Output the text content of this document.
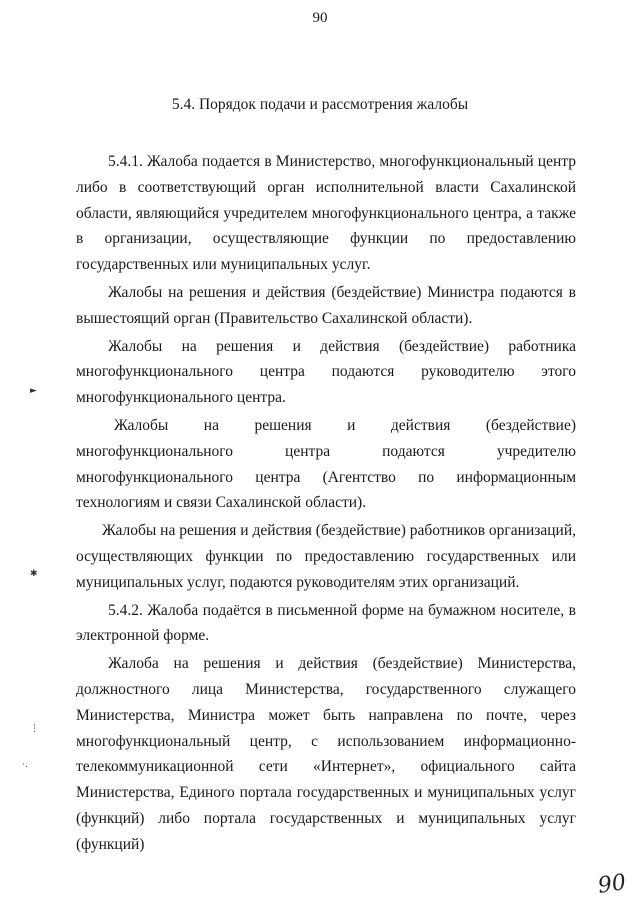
90
5.4. Порядок подачи и рассмотрения жалобы

5.4.1. Жалоба подается в Министерство, многофункциональный центр либо в соответствующий орган исполнительной власти Сахалинской области, являющийся учредителем многофункционального центра, а также в организации, осуществляющие функции по предоставлению государственных или муниципальных услуг.

Жалобы на решения и действия (бездействие) Министра подаются в вышестоящий орган (Правительство Сахалинской области).

Жалобы на решения и действия (бездействие) работника многофункционального центра подаются руководителю этого многофункционального центра.

Жалобы на решения и действия (бездействие) многофункционального центра подаются учредителю многофункционального центра (Агентство по информационным технологиям и связи Сахалинской области).

Жалобы на решения и действия (бездействие) работников организаций, осуществляющих функции по предоставлению государственных или муниципальных услуг, подаются руководителям этих организаций.

5.4.2. Жалоба подаётся в письменной форме на бумажном носителе, в электронной форме.

Жалоба на решения и действия (бездействие) Министерства, должностного лица Министерства, государственного служащего Министерства, Министра может быть направлена по почте, через многофункциональный центр, с использованием информационно-телекоммуникационной сети «Интернет», официального сайта Министерства, Единого портала государственных и муниципальных услуг (функций) либо портала государственных и муниципальных услуг (функций)

►
✱
⋮
·․
90
